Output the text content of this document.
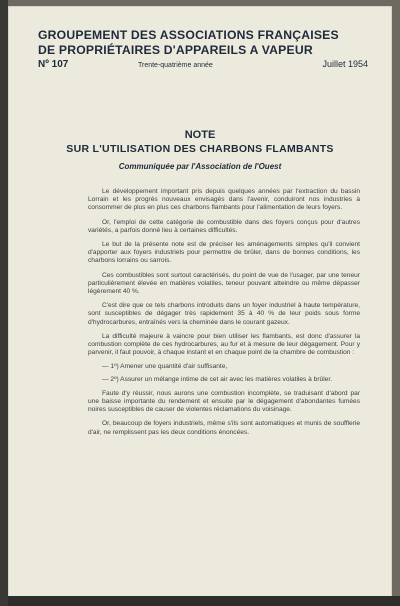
GROUPEMENT DES ASSOCIATIONS FRANÇAISES
DE PROPRIÉTAIRES D'APPAREILS A VAPEUR
Nº 107	Trente-quatrième année	Juillet 1954
NOTE
SUR L'UTILISATION DES CHARBONS FLAMBANTS
Communiquée par l'Association de l'Ouest

Le développement important pris depuis quelques années par l'extraction du bassin Lorrain et les progrès nouveaux envisagés dans l'avenir, conduiront nos industries à consommer de plus en plus ces charbons flambants pour l'alimentation de leurs foyers.

Or, l'emploi de cette catégorie de combustible dans des foyers conçus pour d'autres variétés, a parfois donné lieu à certaines difficultés.

Le but de la présente note est de préciser les aménagements simples qu'il convient d'apporter aux foyers industriels pour permettre de brûler, dans de bonnes conditions, les charbons lorrains ou sarrois.

Ces combustibles sont surtout caractérisés, du point de vue de l'usager, par une teneur particulièrement élevée en matières volatiles, teneur pouvant atteindre ou même dépasser légèrement 40 %.

C'est dire que ce tels charbons introduits dans un foyer industriel à haute température, sont susceptibles de dégager très rapidement 35 à 40 % de leur poids sous forme d'hydrocarbures, entraînés vers la cheminée dans le courant gazeux.

La difficulté majeure à vaincre pour bien utiliser les flambants, est donc d'assurer la combustion complète de ces hydrocarbures, au fur et à mesure de leur dégagement. Pour y parvenir, il faut pouvoir, à chaque instant et en chaque point de la chambre de combustion :

— 1º) Amener une quantité d'air suffisante,

— 2º) Assurer un mélange intime de cet air avec les matières volatiles à brûler.

Faute d'y réussir, nous aurons une combustion incomplète, se traduisant d'abord par une baisse importante du rendement et ensuite par le dégagement d'abondantes fumées noires susceptibles de causer de violentes réclamations du voisinage.

Or, beaucoup de foyers industriels, même s'ils sont automatiques et munis de soufflerie d'air, ne remplissent pas les deux conditions énoncées.
